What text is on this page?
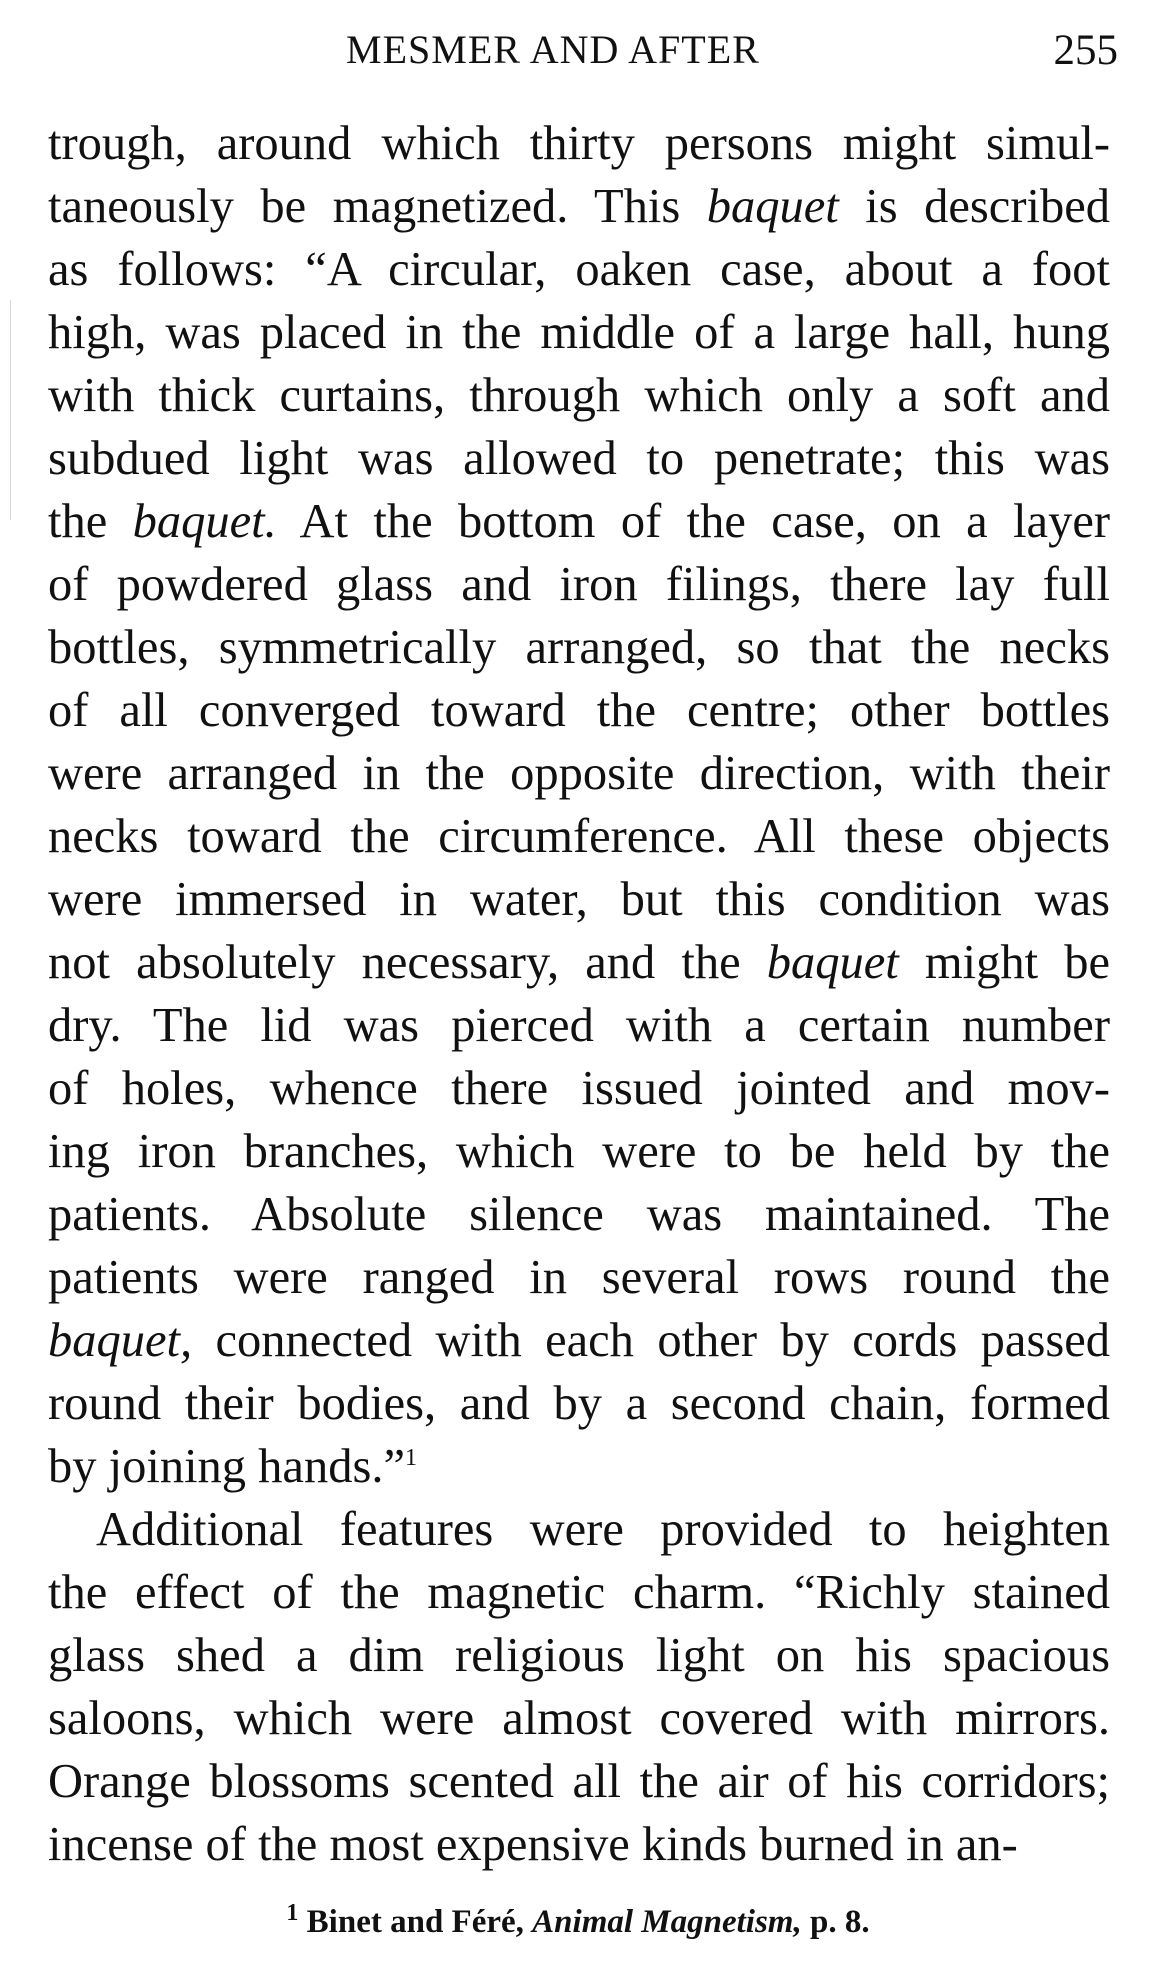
MESMER AND AFTER	255
trough, around which thirty persons might simul-
taneously be magnetized. This baquet is described
as follows: “A circular, oaken case, about a foot
high, was placed in the middle of a large hall, hung
with thick curtains, through which only a soft and
subdued light was allowed to penetrate; this was
the baquet. At the bottom of the case, on a layer
of powdered glass and iron filings, there lay full
bottles, symmetrically arranged, so that the necks
of all converged toward the centre; other bottles
were arranged in the opposite direction, with their
necks toward the circumference. All these objects
were immersed in water, but this condition was
not absolutely necessary, and the baquet might be
dry. The lid was pierced with a certain number
of holes, whence there issued jointed and mov-
ing iron branches, which were to be held by the
patients. Absolute silence was maintained. The
patients were ranged in several rows round the
baquet, connected with each other by cords passed
round their bodies, and by a second chain, formed
by joining hands.”$^1$
Additional features were provided to heighten
the effect of the magnetic charm. “Richly stained
glass shed a dim religious light on his spacious
saloons, which were almost covered with mirrors.
Orange blossoms scented all the air of his corridors;
incense of the most expensive kinds burned in an-
$^1$ Binet and Féré, Animal Magnetism, p. 8.
